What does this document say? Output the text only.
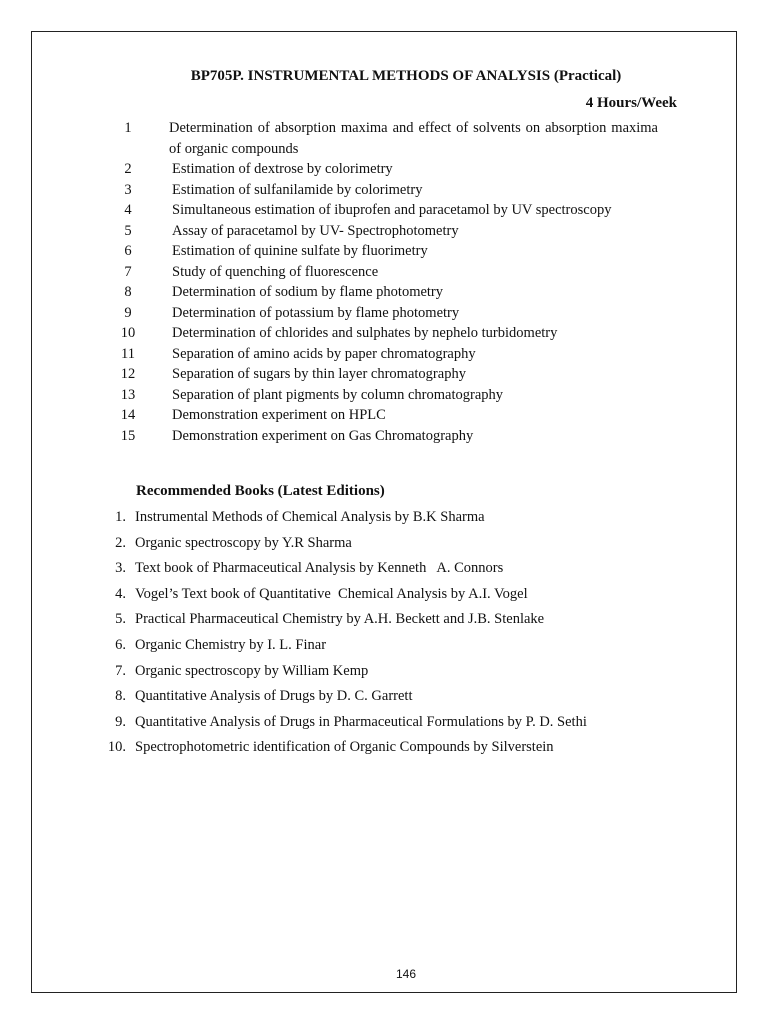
BP705P. INSTRUMENTAL METHODS OF ANALYSIS (Practical)
4 Hours/Week
1	Determination of absorption maxima and effect of solvents on absorption maxima of organic compounds
2	Estimation of dextrose by colorimetry
3	Estimation of sulfanilamide by colorimetry
4	Simultaneous estimation of ibuprofen and paracetamol by UV spectroscopy
5	Assay of paracetamol by UV- Spectrophotometry
6	Estimation of quinine sulfate by fluorimetry
7	Study of quenching of fluorescence
8	Determination of sodium by flame photometry
9	Determination of potassium by flame photometry
10	Determination of chlorides and sulphates by nephelo turbidometry
11	Separation of amino acids by paper chromatography
12	Separation of sugars by thin layer chromatography
13	Separation of plant pigments by column chromatography
14	Demonstration experiment on HPLC
15	Demonstration experiment on Gas Chromatography
Recommended Books (Latest Editions)
1. Instrumental Methods of Chemical Analysis by B.K Sharma
2. Organic spectroscopy by Y.R Sharma
3. Text book of Pharmaceutical Analysis by Kenneth   A. Connors
4. Vogel’s Text book of Quantitative  Chemical Analysis by A.I. Vogel
5. Practical Pharmaceutical Chemistry by A.H. Beckett and J.B. Stenlake
6. Organic Chemistry by I. L. Finar
7. Organic spectroscopy by William Kemp
8. Quantitative Analysis of Drugs by D. C. Garrett
9. Quantitative Analysis of Drugs in Pharmaceutical Formulations by P. D. Sethi
10. Spectrophotometric identification of Organic Compounds by Silverstein
146
